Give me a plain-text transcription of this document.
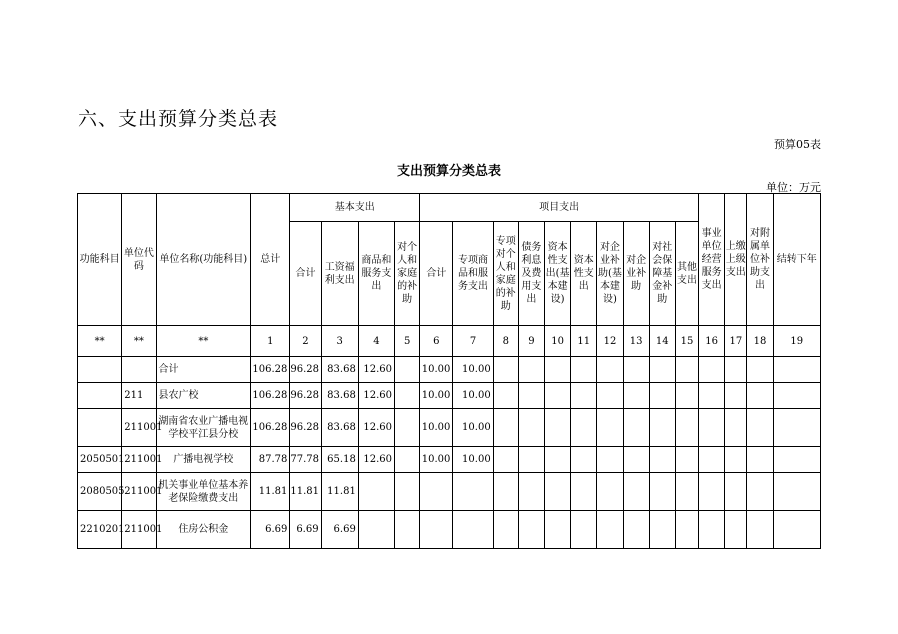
六、支出预算分类总表
预算05表
支出预算分类总表
单位：万元
功能科目	单位代码	单位名称(功能科目)	总计	基本支出				项目支出										事业单位经营服务支出	上缴上级支出	对附属单位补助支出	结转下年
				合计	工资福利支出	商品和服务支出	对个人和家庭的补助	合计	专项商品和服务支出	专项对个人和家庭的补助	债务利息及费用支出	资本性支出(基本建设)	资本性支出	对企业补助(基本建设)	对企业补助	对社会保障基金补助	其他支出				
**	**	**	1	2	3	4	5	6	7	8	9	10	11	12	13	14	15	16	17	18	19
		合计	106.28	96.28	83.68	12.60		10.00	10.00												
	211	县农广校	106.28	96.28	83.68	12.60		10.00	10.00												
	211001	湖南省农业广播电视学校平江县分校	106.28	96.28	83.68	12.60		10.00	10.00												
2050501	211001	广播电视学校	87.78	77.78	65.18	12.60		10.00	10.00												
2080505	211001	机关事业单位基本养老保险缴费支出	11.81	11.81	11.81																
2210201	211001	住房公积金	6.69	6.69	6.69																
